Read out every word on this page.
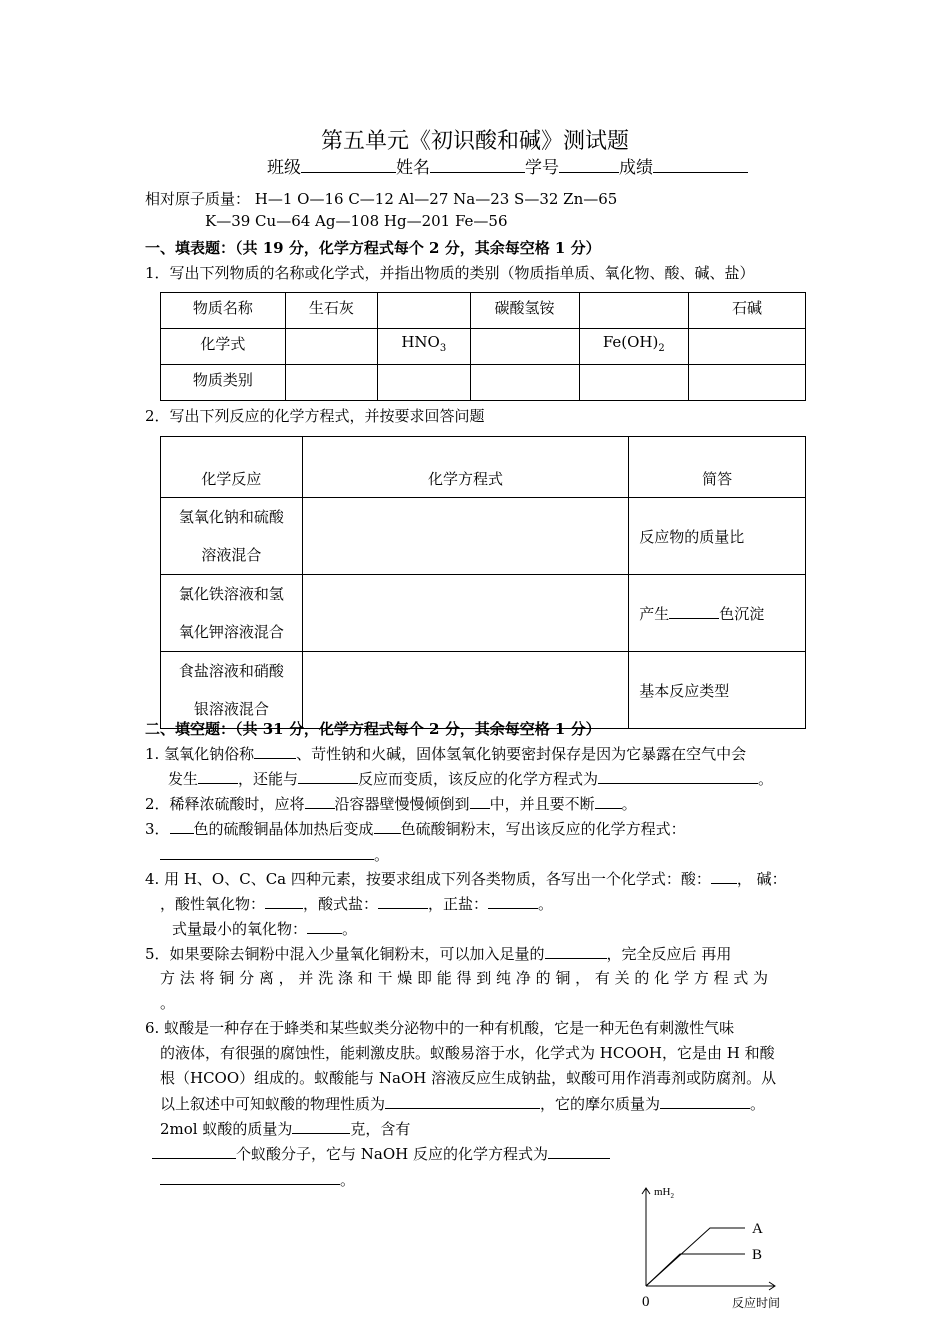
第五单元《初识酸和碱》测试题
班级	姓名	学号	成绩
相对原子质量： H—1 O—16 C—12 Al—27 Na—23 S—32 Zn—65
K—39 Cu—64 Ag—108 Hg—201 Fe—56
一、填表题：（共 19 分，化学方程式每个 2 分，其余每空格 1 分）
1．写出下列物质的名称或化学式，并指出物质的类别（物质指单质、氧化物、酸、碱、盐）
物质名称	生石灰		碳酸氢铵		石碱
化学式		$HNO_3$		$Fe(OH)_2$	
物质类别					
2．写出下列反应的化学方程式，并按要求回答问题
化学反应	化学方程式	简答

氢氧化钠和硫酸
溶液混合		反应物的质量比

氯化铁溶液和氢
氧化钾溶液混合		产生 色沉淀

食盐溶液和硝酸
银溶液混合		基本反应类型
二、填空题：（共 31 分，化学方程式每个 2 分，其余每空格 1 分）
1. 氢氧化钠俗称	、苛性钠和火碱，固体氢氧化钠要密封保存是因为它暴露在空气中会
发生	，还能与	反应而变质，该反应的化学方程式为	。
2．稀释浓硫酸时，应将 沿容器壁慢慢倾倒到 中，并且要不断 。
3． 色的硫酸铜晶体加热后变成 色硫酸铜粉末，写出该反应的化学方程式：
。
4. 用 H、O、C、Ca 四种元素，按要求组成下列各类物质，各写出一个化学式：酸： ， 碱：
，酸性氧化物：	，酸式盐：	，正盐：	。
式量最小的氧化物： 。
5．如果要除去铜粉中混入少量氧化铜粉末，可以加入足量的	，完全反应后 再用
方 法 将 铜 分 离 ， 并 洗 涤 和 干 燥 即 能 得 到 纯 净 的 铜 ， 有 关 的 化 学 方 程 式 为
。
6. 蚁酸是一种存在于蜂类和某些蚁类分泌物中的一种有机酸，它是一种无色有刺激性气味
的液体，有很强的腐蚀性，能刺激皮肤。蚁酸易溶于水，化学式为 HCOOH，它是由 H 和酸
根（HCOO）组成的。蚁酸能与 NaOH 溶液反应生成钠盐，蚁酸可用作消毒剂或防腐剂。从
以上叙述中可知蚁酸的物理性质为	，它的摩尔质量为	。
2mol 蚁酸的质量为	克，含有
个蚁酸分子，它与 NaOH 反应的化学方程式为
。
$mH_2$
A
B
0	反应时间
